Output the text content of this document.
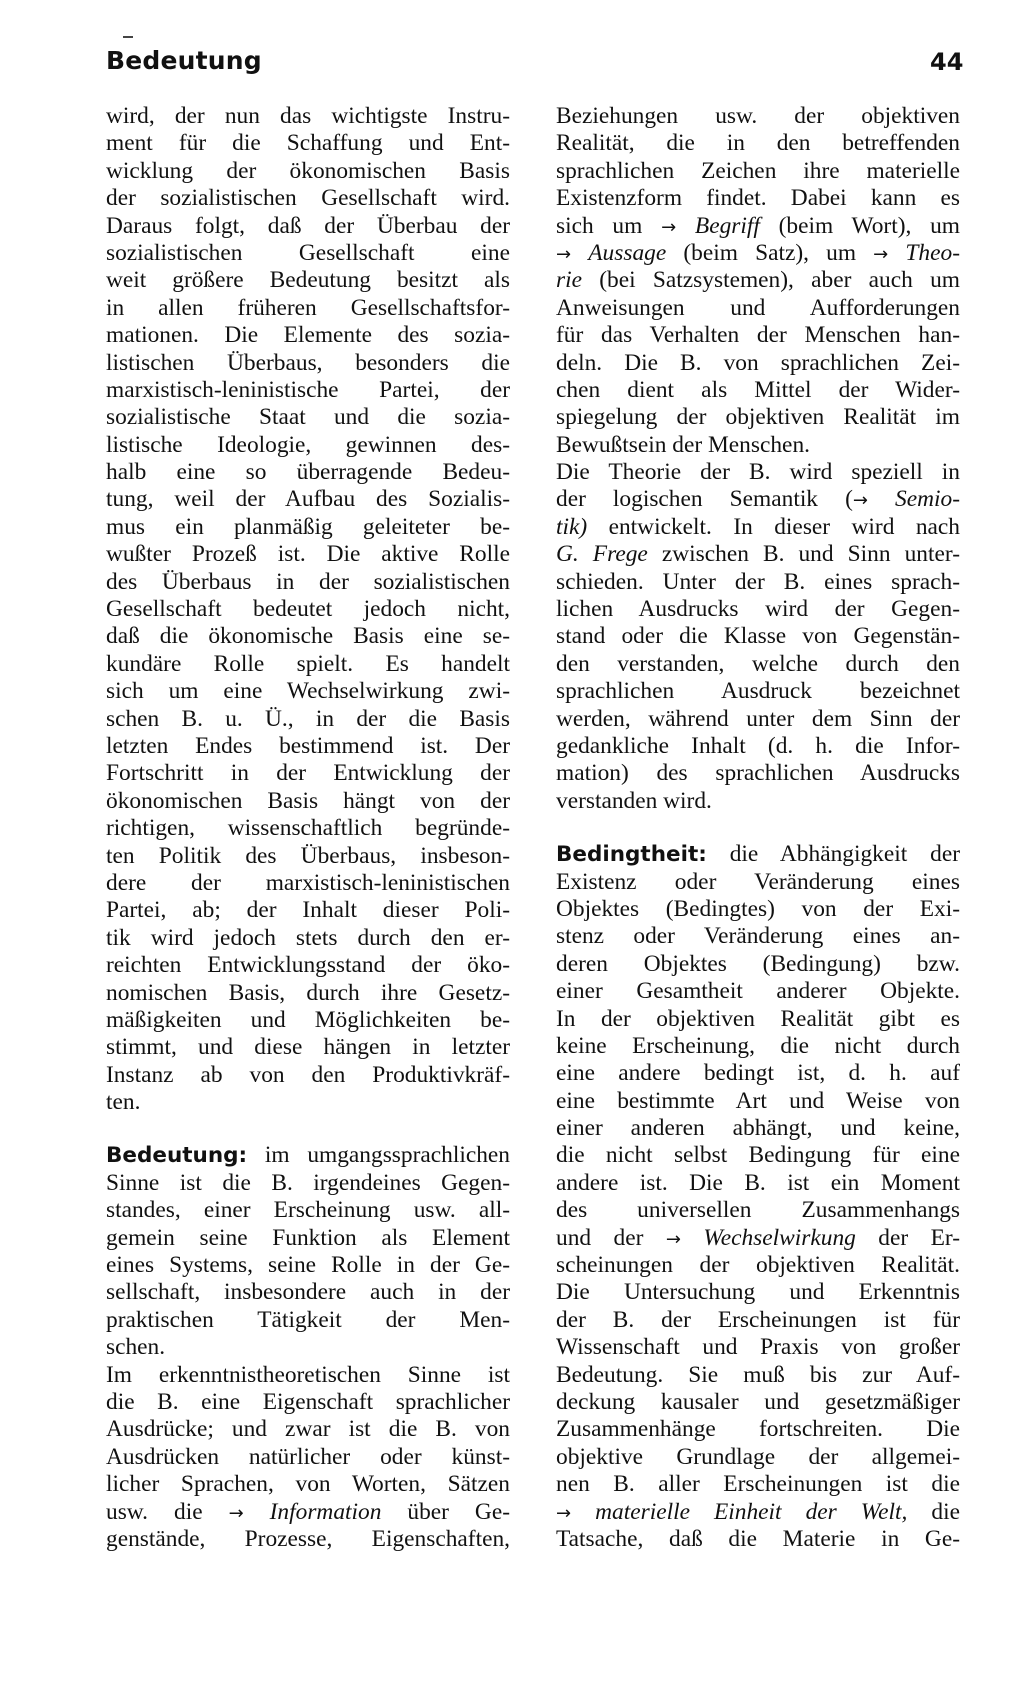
Bedeutung	44
wird, der nun das wichtigste Instru-
ment für die Schaffung und Ent-
wicklung der ökonomischen Basis
der sozialistischen Gesellschaft wird.
Daraus folgt, daß der Überbau der
sozialistischen Gesellschaft eine
weit größere Bedeutung besitzt als
in allen früheren Gesellschaftsfor-
mationen. Die Elemente des sozia-
listischen Überbaus, besonders die
marxistisch-leninistische Partei, der
sozialistische Staat und die sozia-
listische Ideologie, gewinnen des-
halb eine so überragende Bedeu-
tung, weil der Aufbau des Sozialis-
mus ein planmäßig geleiteter be-
wußter Prozeß ist. Die aktive Rolle
des Überbaus in der sozialistischen
Gesellschaft bedeutet jedoch nicht,
daß die ökonomische Basis eine se-
kundäre Rolle spielt. Es handelt
sich um eine Wechselwirkung zwi-
schen B. u. Ü., in der die Basis
letzten Endes bestimmend ist. Der
Fortschritt in der Entwicklung der
ökonomischen Basis hängt von der
richtigen, wissenschaftlich begründe-
ten Politik des Überbaus, insbeson-
dere der marxistisch-leninistischen
Partei, ab; der Inhalt dieser Poli-
tik wird jedoch stets durch den er-
reichten Entwicklungsstand der öko-
nomischen Basis, durch ihre Gesetz-
mäßigkeiten und Möglichkeiten be-
stimmt, und diese hängen in letzter
Instanz ab von den Produktivkräf-
ten.
Bedeutung: im umgangssprachlichen
Sinne ist die B. irgendeines Gegen-
standes, einer Erscheinung usw. all-
gemein seine Funktion als Element
eines Systems, seine Rolle in der Ge-
sellschaft, insbesondere auch in der
praktischen Tätigkeit der Men-
schen.
Im erkenntnistheoretischen Sinne ist
die B. eine Eigenschaft sprachlicher
Ausdrücke; und zwar ist die B. von
Ausdrücken natürlicher oder künst-
licher Sprachen, von Worten, Sätzen
usw. die → Information über Ge-
genstände, Prozesse, Eigenschaften,
Beziehungen usw. der objektiven
Realität, die in den betreffenden
sprachlichen Zeichen ihre materielle
Existenzform findet. Dabei kann es
sich um → Begriff (beim Wort), um
→ Aussage (beim Satz), um → Theo-
rie (bei Satzsystemen), aber auch um
Anweisungen und Aufforderungen
für das Verhalten der Menschen han-
deln. Die B. von sprachlichen Zei-
chen dient als Mittel der Wider-
spiegelung der objektiven Realität im
Bewußtsein der Menschen.
Die Theorie der B. wird speziell in
der logischen Semantik (→ Semio-
tik) entwickelt. In dieser wird nach
G. Frege zwischen B. und Sinn unter-
schieden. Unter der B. eines sprach-
lichen Ausdrucks wird der Gegen-
stand oder die Klasse von Gegenstän-
den verstanden, welche durch den
sprachlichen Ausdruck bezeichnet
werden, während unter dem Sinn der
gedankliche Inhalt (d. h. die Infor-
mation) des sprachlichen Ausdrucks
verstanden wird.
Bedingtheit: die Abhängigkeit der
Existenz oder Veränderung eines
Objektes (Bedingtes) von der Exi-
stenz oder Veränderung eines an-
deren Objektes (Bedingung) bzw.
einer Gesamtheit anderer Objekte.
In der objektiven Realität gibt es
keine Erscheinung, die nicht durch
eine andere bedingt ist, d. h. auf
eine bestimmte Art und Weise von
einer anderen abhängt, und keine,
die nicht selbst Bedingung für eine
andere ist. Die B. ist ein Moment
des universellen Zusammenhangs
und der → Wechselwirkung der Er-
scheinungen der objektiven Realität.
Die Untersuchung und Erkenntnis
der B. der Erscheinungen ist für
Wissenschaft und Praxis von großer
Bedeutung. Sie muß bis zur Auf-
deckung kausaler und gesetzmäßiger
Zusammenhänge fortschreiten. Die
objektive Grundlage der allgemei-
nen B. aller Erscheinungen ist die
→ materielle Einheit der Welt, die
Tatsache, daß die Materie in Ge-
